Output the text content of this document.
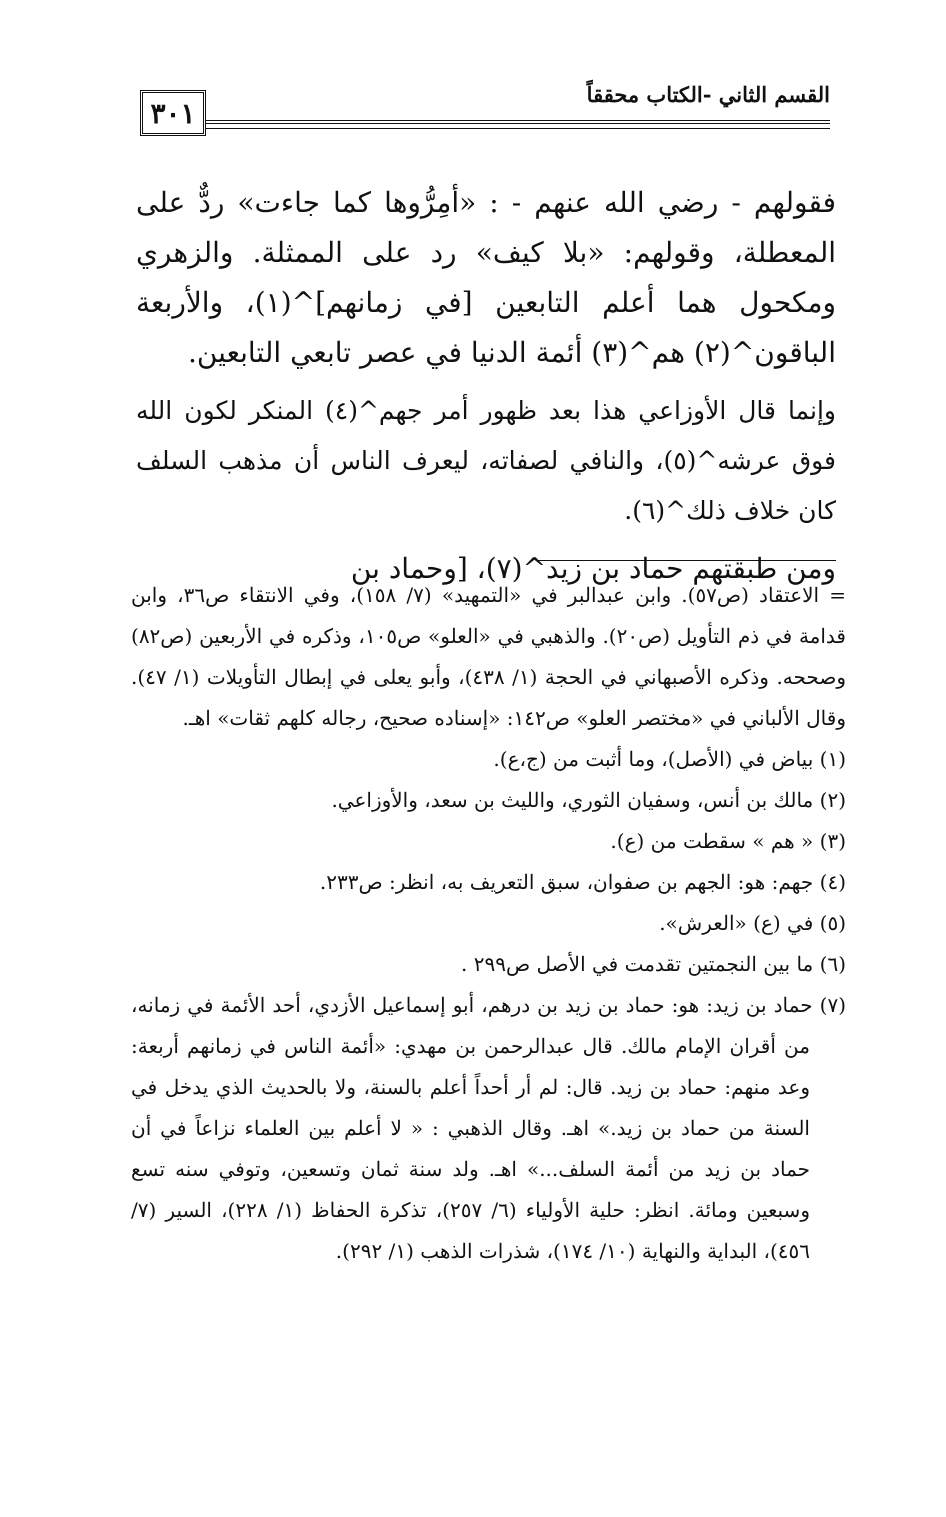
٣٠١
القسم الثاني -الكتاب محققاً

فقولهم - رضي الله عنهم - : «أمِرُّوها كما جاءت» ردٌّ على المعطلة، وقولهم: «بلا كيف» رد على الممثلة. والزهري ومكحول هما أعلم التابعين [في زمانهم]^(١)، والأربعة الباقون^(٢) هم^(٣) أئمة الدنيا في عصر تابعي التابعين.

وإنما قال الأوزاعي هذا بعد ظهور أمر جهم^(٤) المنكر لكون الله فوق عرشه^(٥)، والنافي لصفاته، ليعرف الناس أن مذهب السلف كان خلاف ذلك^(٦).

ومن طبقتهم حماد بن زيد^(٧)، [وحماد بن

= الاعتقاد (ص٥٧). وابن عبدالبر في «التمهيد» (٧/ ١٥٨)، وفي الانتقاء ص٣٦، وابن قدامة في ذم التأويل (ص٢٠). والذهبي في «العلو» ص١٠٥، وذكره في الأربعين (ص٨٢) وصححه. وذكره الأصبهاني في الحجة (١/ ٤٣٨)، وأبو يعلى في إبطال التأويلات (١/ ٤٧). وقال الألباني في «مختصر العلو» ص١٤٢: «إسناده صحيح، رجاله كلهم ثقات» اهـ.

(١) بياض في (الأصل)، وما أثبت من (ج،ع).

(٢) مالك بن أنس، وسفيان الثوري، والليث بن سعد، والأوزاعي.

(٣) « هم » سقطت من (ع).

(٤) جهم: هو: الجهم بن صفوان، سبق التعريف به، انظر: ص٢٣٣.

(٥) في (ع) «العرش».

(٦) ما بين النجمتين تقدمت في الأصل ص٢٩٩ .

(٧) حماد بن زيد: هو: حماد بن زيد بن درهم، أبو إسماعيل الأزدي، أحد الأئمة في زمانه، من أقران الإمام مالك. قال عبدالرحمن بن مهدي: «أئمة الناس في زمانهم أربعة: وعد منهم: حماد بن زيد. قال: لم أر أحداً أعلم بالسنة، ولا بالحديث الذي يدخل في السنة من حماد بن زيد.» اهـ. وقال الذهبي : « لا أعلم بين العلماء نزاعاً في أن حماد بن زيد من أئمة السلف...» اهـ. ولد سنة ثمان وتسعين، وتوفي سنه تسع وسبعين ومائة. انظر: حلية الأولياء (٦/ ٢٥٧)، تذكرة الحفاظ (١/ ٢٢٨)، السير (٧/ ٤٥٦)، البداية والنهاية (١٠/ ١٧٤)، شذرات الذهب (١/ ٢٩٢).
